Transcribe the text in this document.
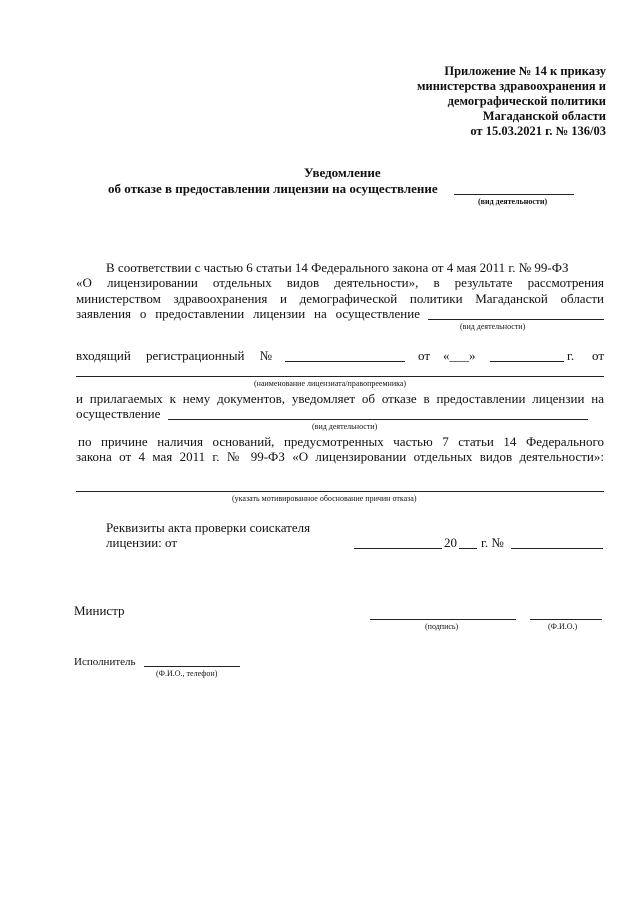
Приложение № 14 к приказу
министерства здравоохранения и
демографической политики
Магаданской области
от 15.03.2021 г. № 136/03
Уведомление
об отказе в предоставлении лицензии на осуществление
(вид деятельности)
В соответствии с частью 6 статьи 14 Федерального закона от 4 мая 2011 г. № 99-ФЗ
«О лицензировании отдельных видов деятельности», в результате рассмотрения
министерством здравоохранения и демографической политики Магаданской области
заявления о предоставлении лицензии на осуществление
(вид деятельности)
входящий регистрационный №	от «___»	г. от
(наименование лицензиата/правопреемника)
и прилагаемых к нему документов, уведомляет об отказе в предоставлении лицензии на
осуществление
(вид деятельности)
по причине наличия оснований, предусмотренных частью 7 статьи 14 Федерального
закона от 4 мая 2011 г. № 99-ФЗ «О лицензировании отдельных видов деятельности»:
(указать мотивированное обоснование причин отказа)
Реквизиты акта проверки соискателя
лицензии: от	20 г. №
Министр
(подпись)	(Ф.И.О.)
Исполнитель
(Ф.И.О., телефон)
